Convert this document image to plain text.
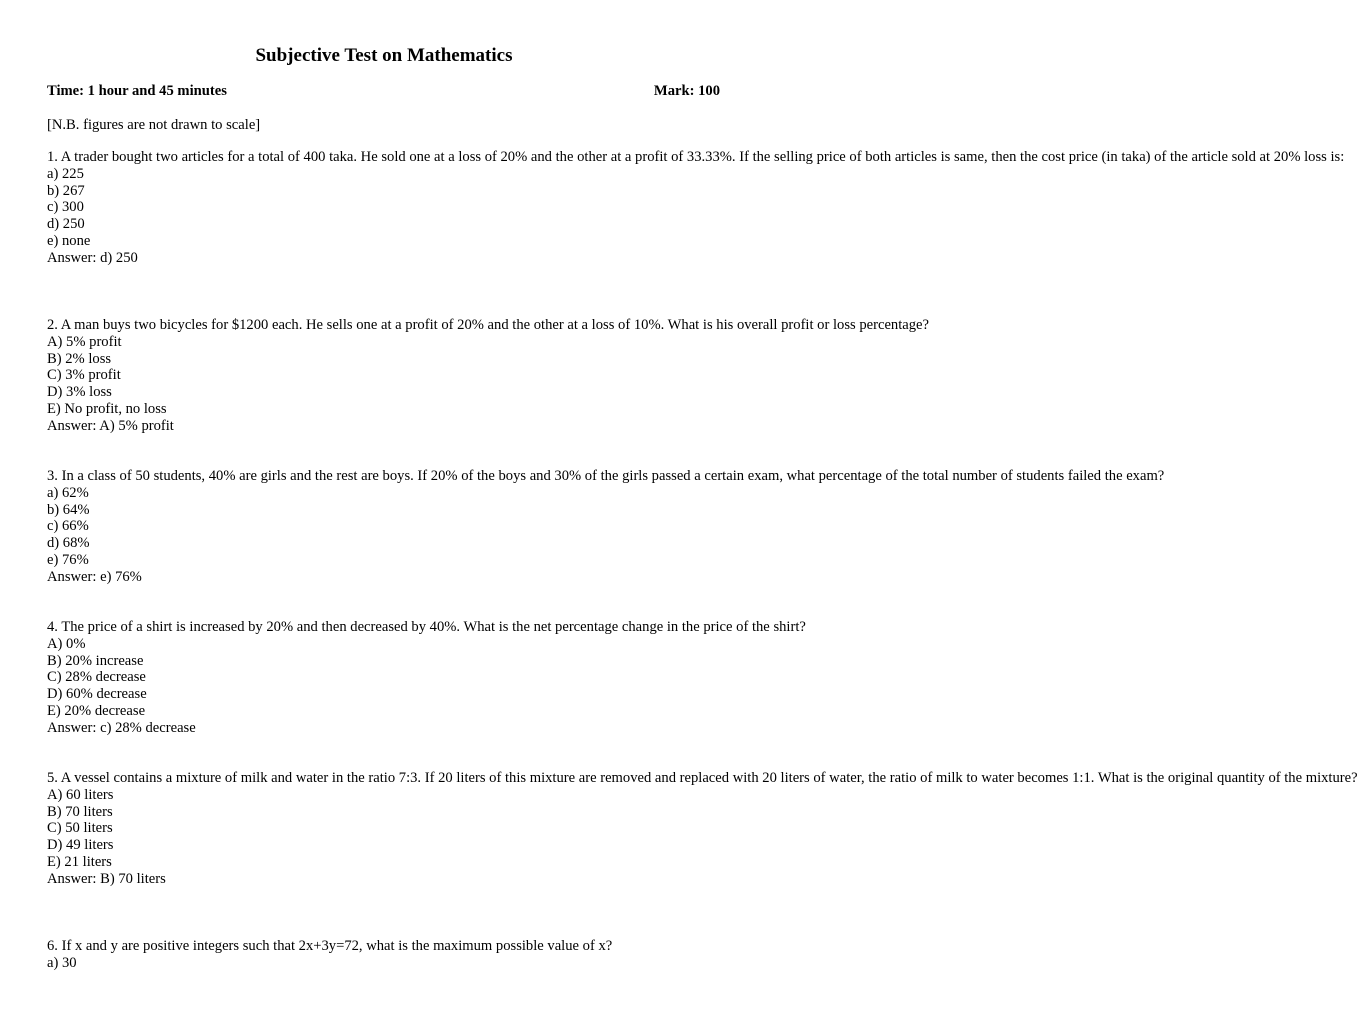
Subjective Test on Mathematics
Time: 1 hour and 45 minutes	Mark: 100
[N.B. figures are not drawn to scale]
1. A trader bought two articles for a total of 400 taka. He sold one at a loss of 20% and the other at a profit of 33.33%. If the selling price of both articles is same, then the cost price (in taka) of the article sold at 20% loss is:
a) 225
b) 267
c) 300
d) 250
e) none
Answer: d) 250
2. A man buys two bicycles for $1200 each. He sells one at a profit of 20% and the other at a loss of 10%. What is his overall profit or loss percentage?
A) 5% profit
B) 2% loss
C) 3% profit
D) 3% loss
E) No profit, no loss
Answer: A) 5% profit
3. In a class of 50 students, 40% are girls and the rest are boys. If 20% of the boys and 30% of the girls passed a certain exam, what percentage of the total number of students failed the exam?
a) 62%
b) 64%
c) 66%
d) 68%
e) 76%
Answer: e) 76%
4. The price of a shirt is increased by 20% and then decreased by 40%. What is the net percentage change in the price of the shirt?
A) 0%
B) 20% increase
C) 28% decrease
D) 60% decrease
E) 20% decrease
Answer: c) 28% decrease
5. A vessel contains a mixture of milk and water in the ratio 7:3. If 20 liters of this mixture are removed and replaced with 20 liters of water, the ratio of milk to water becomes 1:1. What is the original quantity of the mixture?
A) 60 liters
B) 70 liters
C) 50 liters
D) 49 liters
E) 21 liters
Answer: B) 70 liters
6. If x and y are positive integers such that 2x+3y=72, what is the maximum possible value of x?
a) 30
